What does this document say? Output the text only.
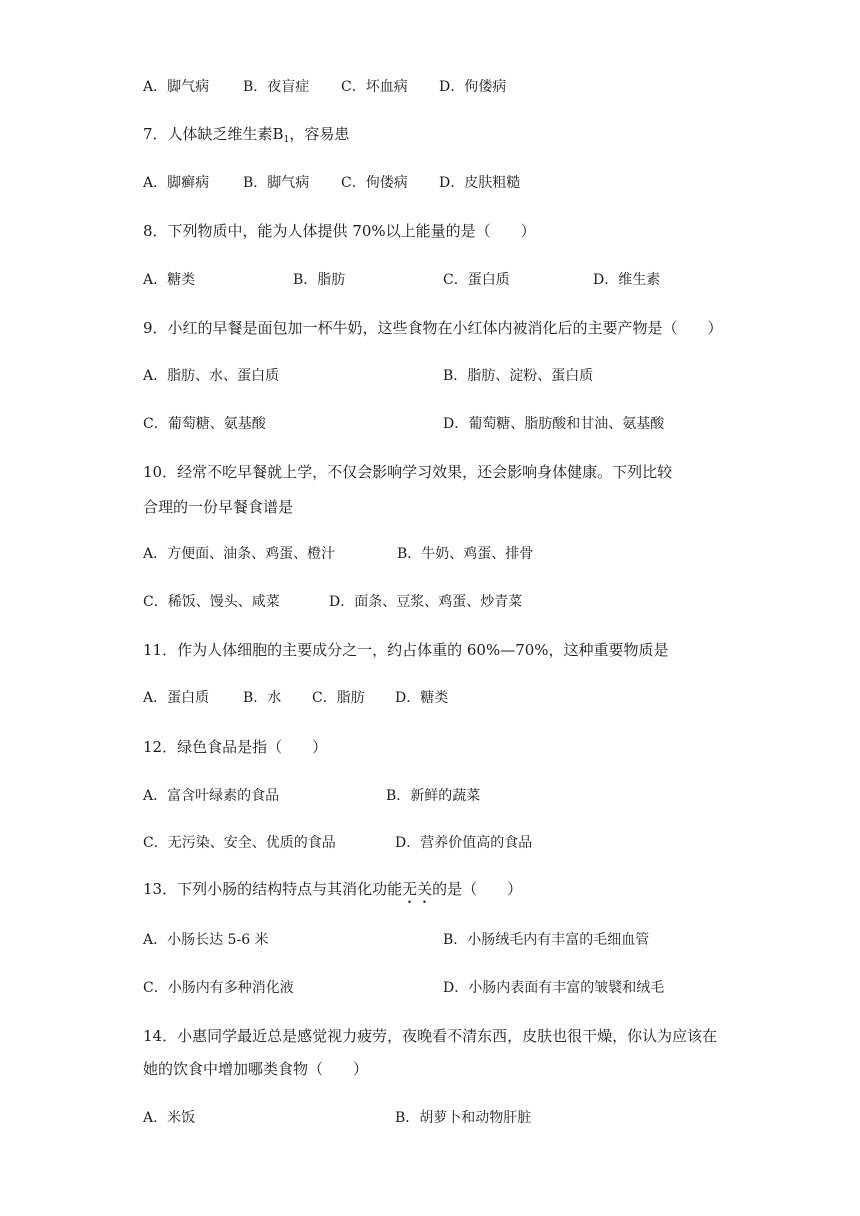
A．脚气病 B．夜盲症 C．坏血病 D．佝偻病

7．人体缺乏维生素$B_1$，容易患

A．脚癣病 B．脚气病 C．佝偻病 D．皮肤粗糙

8．下列物质中，能为人体提供 70%以上能量的是（　　）

A．糖类	B．脂肪	C．蛋白质	D．维生素

9．小红的早餐是面包加一杯牛奶，这些食物在小红体内被消化后的主要产物是（　　）

A．脂肪、水、蛋白质	B．脂肪、淀粉、蛋白质
C．葡萄糖、氨基酸	D．葡萄糖、脂肪酸和甘油、氨基酸

10．经常不吃早餐就上学，不仅会影响学习效果，还会影响身体健康。下列比较

合理的一份早餐食谱是

A．方便面、油条、鸡蛋、橙汁	B．牛奶、鸡蛋、排骨
C．稀饭、馒头、咸菜	D．面条、豆浆、鸡蛋、炒青菜

11．作为人体细胞的主要成分之一，约占体重的 60%—70%，这种重要物质是

A．蛋白质 B．水 C．脂肪 D．糖类

12．绿色食品是指（　　）

A．富含叶绿素的食品	B．新鲜的蔬菜
C．无污染、安全、优质的食品	D．营养价值高的食品

13．下列小肠的结构特点与其消化功能无关的是（　　）

A．小肠长达 5-6 米	B．小肠绒毛内有丰富的毛细血管
C．小肠内有多种消化液	D．小肠内表面有丰富的皱襞和绒毛

14．小惠同学最近总是感觉视力疲劳，夜晚看不清东西，皮肤也很干燥，你认为应该在

她的饮食中增加哪类食物（　　）

A．米饭	B．胡萝卜和动物肝脏
